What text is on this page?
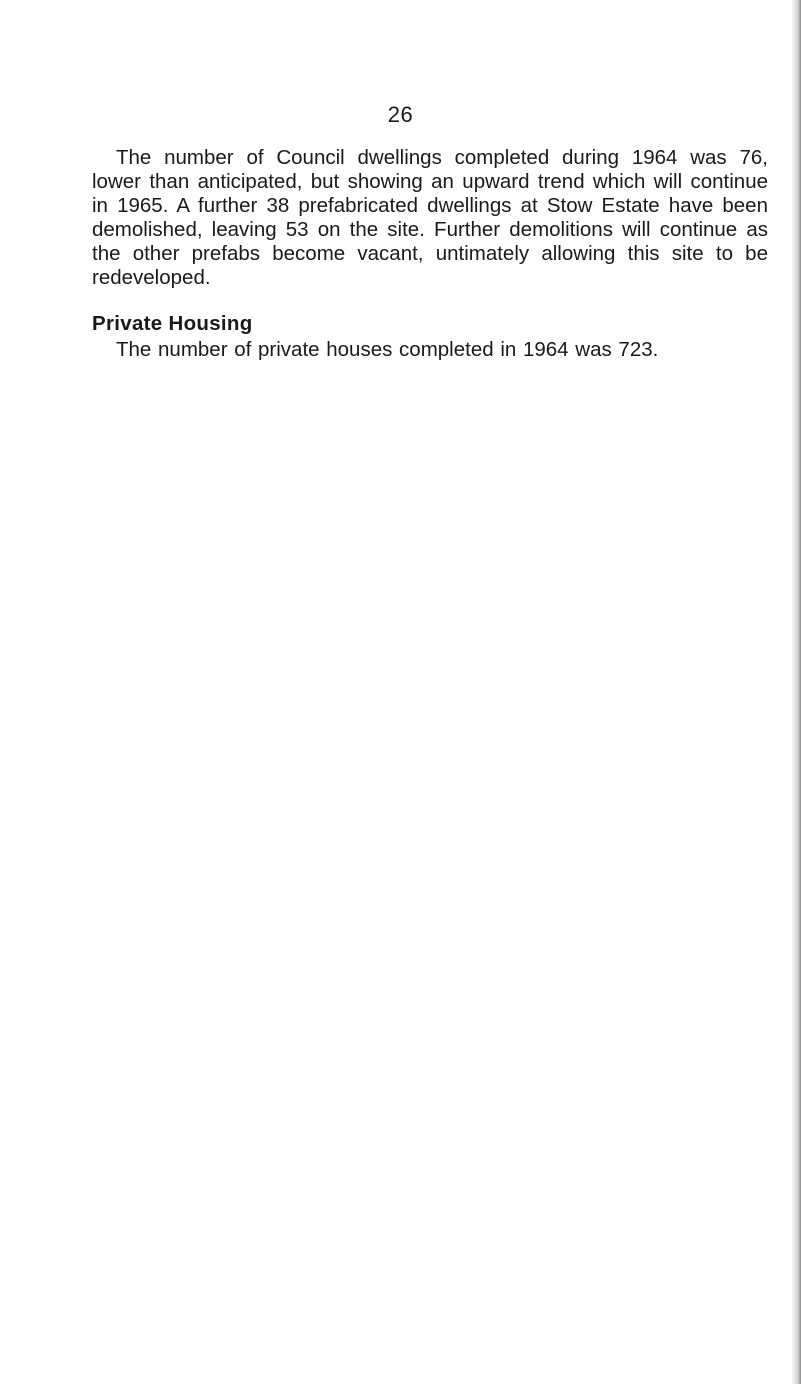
26

The number of Council dwellings completed during 1964 was 76, lower than anticipated, but showing an upward trend which will continue in 1965. A further 38 prefabricated dwellings at Stow Estate have been demolished, leaving 53 on the site. Further demolitions will continue as the other prefabs become vacant, untimately allowing this site to be redeveloped.

Private Housing

The number of private houses completed in 1964 was 723.
